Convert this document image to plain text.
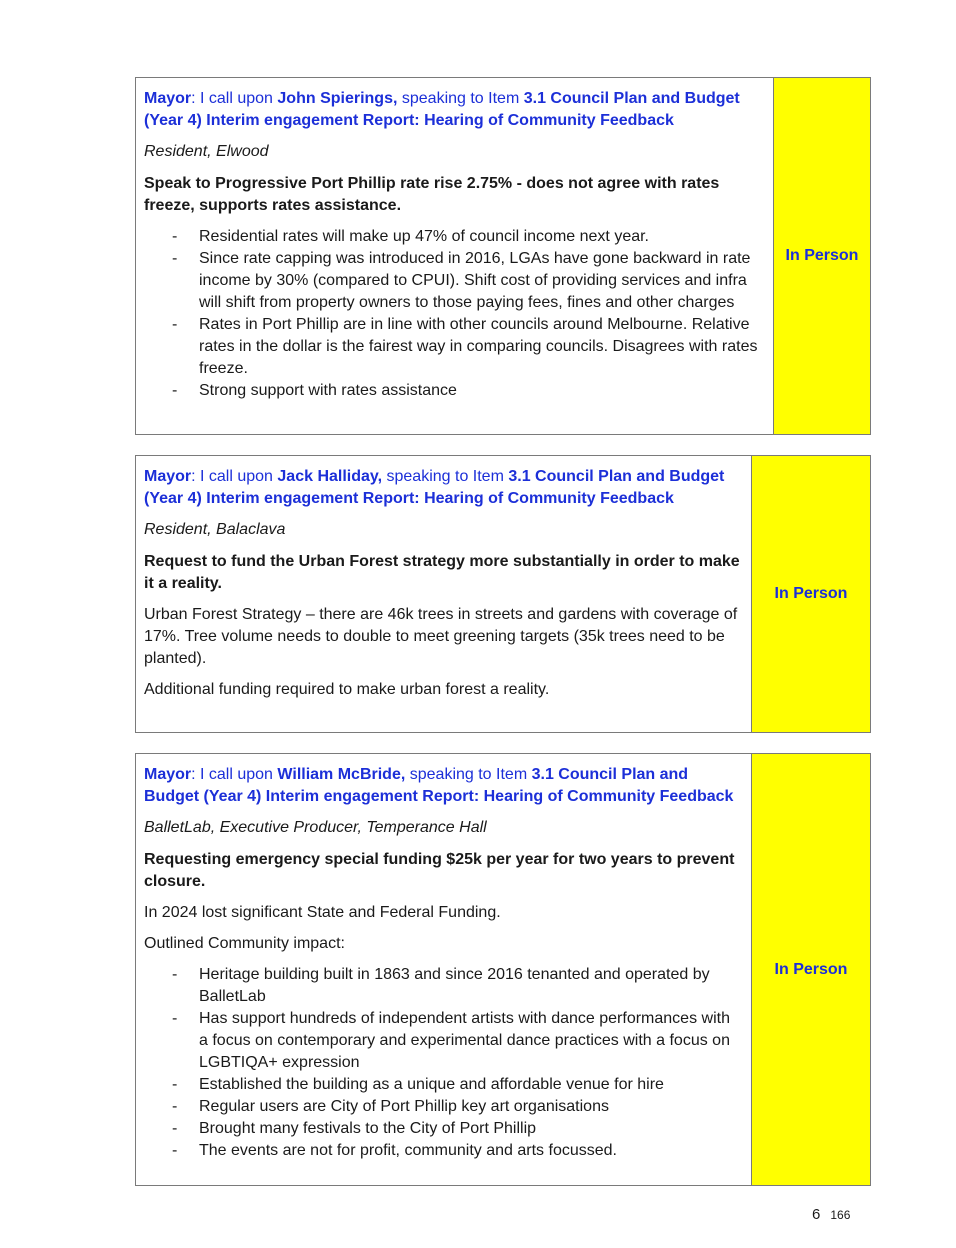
Mayor: I call upon John Spierings, speaking to Item 3.1 Council Plan and Budget (Year 4) Interim engagement Report: Hearing of Community Feedback

Resident, Elwood

Speak to Progressive Port Phillip rate rise 2.75% - does not agree with rates freeze, supports rates assistance.

- Residential rates will make up 47% of council income next year.
- Since rate capping was introduced in 2016, LGAs have gone backward in rate income by 30% (compared to CPUI). Shift cost of providing services and infra will shift from property owners to those paying fees, fines and other charges
- Rates in Port Phillip are in line with other councils around Melbourne. Relative rates in the dollar is the fairest way in comparing councils. Disagrees with rates freeze.
- Strong support with rates assistance
In Person

Mayor: I call upon Jack Halliday, speaking to Item 3.1 Council Plan and Budget (Year 4) Interim engagement Report: Hearing of Community Feedback

Resident, Balaclava

Request to fund the Urban Forest strategy more substantially in order to make it a reality.

Urban Forest Strategy – there are 46k trees in streets and gardens with coverage of 17%. Tree volume needs to double to meet greening targets (35k trees need to be planted).

Additional funding required to make urban forest a reality.

In Person

Mayor: I call upon William McBride, speaking to Item 3.1 Council Plan and Budget (Year 4) Interim engagement Report: Hearing of Community Feedback

BalletLab, Executive Producer, Temperance Hall

Requesting emergency special funding $25k per year for two years to prevent closure.

In 2024 lost significant State and Federal Funding.

Outlined Community impact:

- Heritage building built in 1863 and since 2016 tenanted and operated by BalletLab
- Has support hundreds of independent artists with dance performances with a focus on contemporary and experimental dance practices with a focus on LGBTIQA+ expression
- Established the building as a unique and affordable venue for hire
- Regular users are City of Port Phillip key art organisations
- Brought many festivals to the City of Port Phillip
- The events are not for profit, community and arts focussed.
In Person
6 166
